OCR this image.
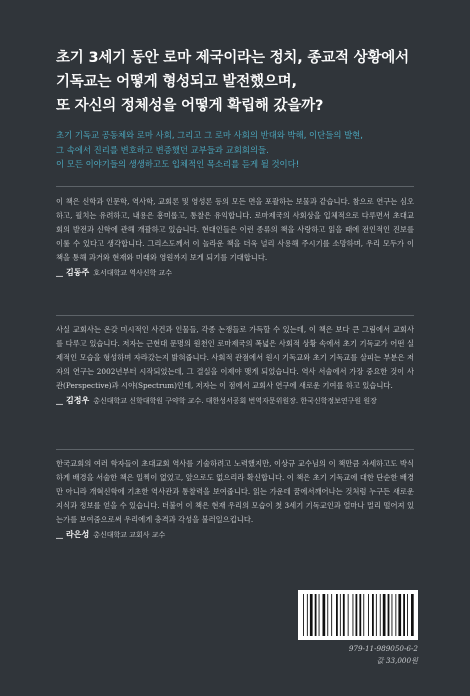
초기 3세기 동안 로마 제국이라는 정치, 종교적 상황에서
기독교는 어떻게 형성되고 발전했으며,
또 자신의 정체성을 어떻게 확립해 갔을까?
초기 기독교 공동체와 로마 사회, 그리고 그 로마 사회의 반대와 박해, 이단들의 발현,
그 속에서 진리를 변호하고 변증했던 교부들과 교회회의들.
이 모든 이야기들의 생생하고도 입체적인 목소리를 듣게 될 것이다!

이 책은 신학과 인문학, 역사학, 교회론 및 영성론 등의 모든 면을 포괄하는 보물과 같습니다. 참으로 연구는 심오하고, 필치는 유려하고, 내용은 흥미롭고, 통찰은 유익합니다. 로마제국의 사회상을 입체적으로 다루면서 초대교회의 발전과 신학에 관해 개괄하고 있습니다. 현대인들은 이런 종류의 책을 사랑하고 읽을 때에 전인적인 진보를 이룰 수 있다고 생각합니다. 그리스도께서 이 놀라운 책을 더욱 널리 사용해 주시기를 소망하며, 우리 모두가 이 책을 통해 과거와 현재와 미래와 영원까지 보게 되기를 기대합니다.

__ 김동주 호서대학교 역사신학 교수

사실 교회사는 온갖 미시적인 사건과 인물들, 각종 논쟁들로 가득할 수 있는데, 이 책은 보다 큰 그림에서 교회사를 다루고 있습니다. 저자는 근현대 문명의 원천인 로마제국의 폭넓은 사회적 상황 속에서 초기 기독교가 어떤 실제적인 모습을 형성하며 자라갔는지 밝혀줍니다. 사회적 관점에서 원시 기독교와 초기 기독교를 살피는 부분은 저자의 연구는 2002년부터 시작되었는데, 그 결실을 이제야 맺게 되었습니다. 역사 서술에서 가장 중요한 것이 사관(Perspective)과 시야(Spectrum)인데, 저자는 이 점에서 교회사 연구에 새로운 기여를 하고 있습니다.

__ 김정우 총신대학교 신학대학원 구약학 교수. 대한성서공회 번역자문위원장. 한국신학정보연구원 원장

한국교회의 여러 학자들이 초대교회 역사를 기술하려고 노력했지만, 이상규 교수님의 이 책만큼 자세하고도 박식하게 배경을 서술한 책은 일찍이 없었고, 앞으로도 없으리라 확신합니다. 이 책은 초기 기독교에 대한 단순한 배경만 아니라 개혁신학에 기초한 역사관과 통찰력을 보여줍니다. 읽는 가운데 꿈에서깨어나는 것처럼 누구든 새로운 지식과 정보를 얻을 수 있습니다. 더불어 이 책은 현재 우리의 모습이 첫 3세기 기독교인과 얼마나 멀리 떨어져 있는가를 보여줌으로써 우리에게 충격과 각성을 불러일으킵니다.

__ 라은성 총신대학교 교회사 교수
979-11-989050-6-2
값 33,000원
